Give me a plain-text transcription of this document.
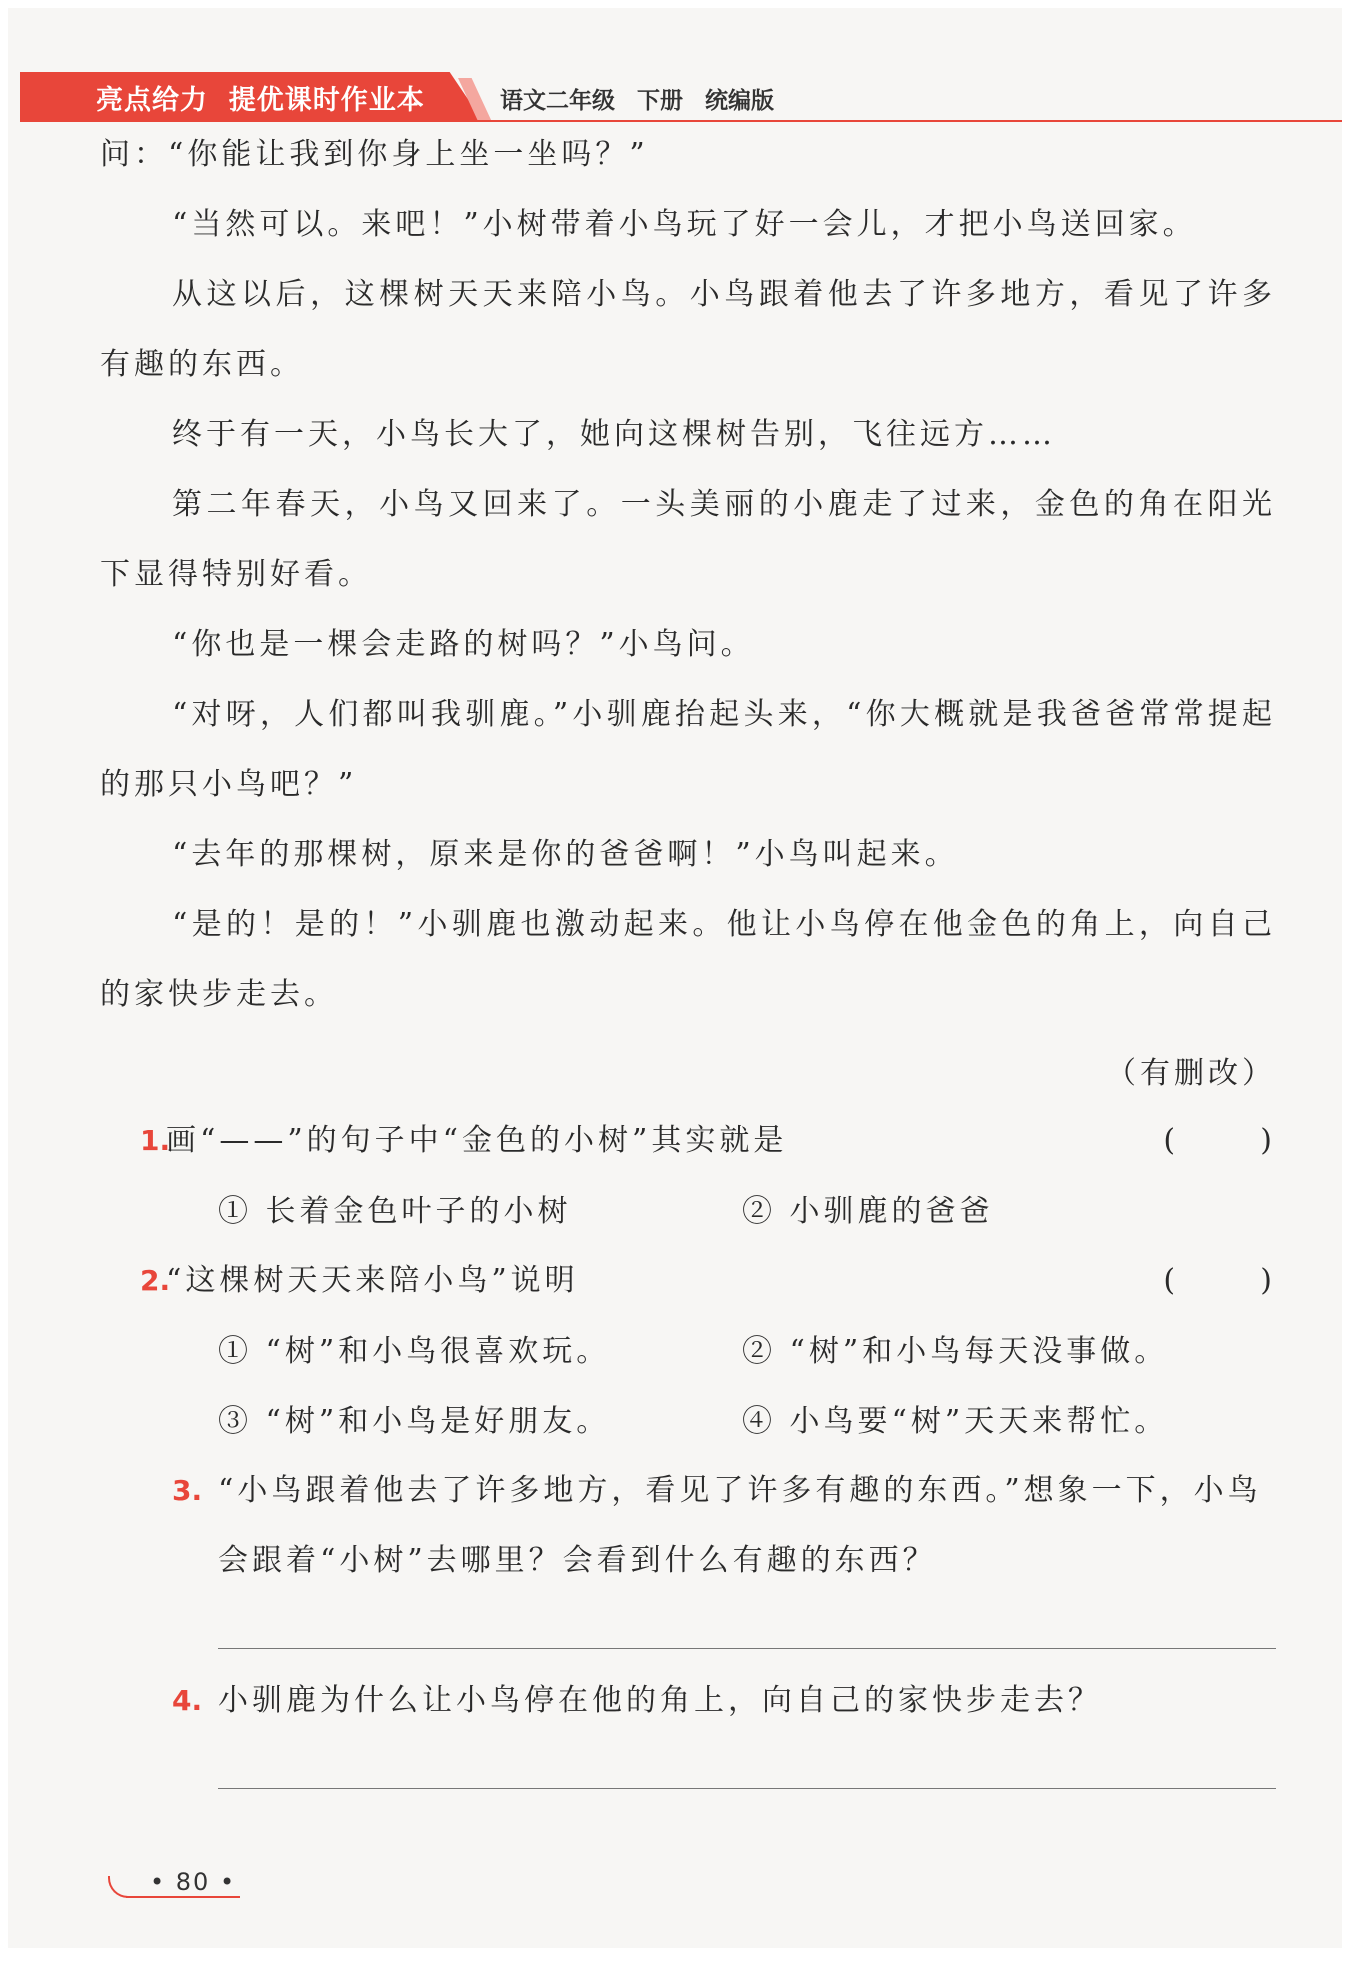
亮点给力  提优课时作业本	语文二年级 下册 统编版

问：“你能让我到你身上坐一坐吗？”

“当然可以。来吧！”小树带着小鸟玩了好一会儿，才把小鸟送回家。

从这以后，这棵树天天来陪小鸟。小鸟跟着他去了许多地方，看见了许多有趣的东西。

终于有一天，小鸟长大了，她向这棵树告别，飞往远方……

第二年春天，小鸟又回来了。一头美丽的小鹿走了过来，金色的角在阳光下显得特别好看。

“你也是一棵会走路的树吗？”小鸟问。

“对呀，人们都叫我驯鹿。”小驯鹿抬起头来，“你大概就是我爸爸常常提起的那只小鸟吧？”

“去年的那棵树，原来是你的爸爸啊！”小鸟叫起来。

“是的！是的！”小驯鹿也激动起来。他让小鸟停在他金色的角上，向自己的家快步走去。

（有删改）
1.
画“——”的句子中“金色的小树”其实就是	(      )
① 长着金色叶子的小树	② 小驯鹿的爸爸
2.
“这棵树天天来陪小鸟”说明	(      )
① “树”和小鸟很喜欢玩。	② “树”和小鸟每天没事做。
③ “树”和小鸟是好朋友。	④ 小鸟要“树”天天来帮忙。
3. “小鸟跟着他去了许多地方，看见了许多有趣的东西。”想象一下，小鸟会跟着“小树”去哪里？会看到什么有趣的东西？
4. 小驯鹿为什么让小鸟停在他的角上，向自己的家快步走去？
• 80 •
